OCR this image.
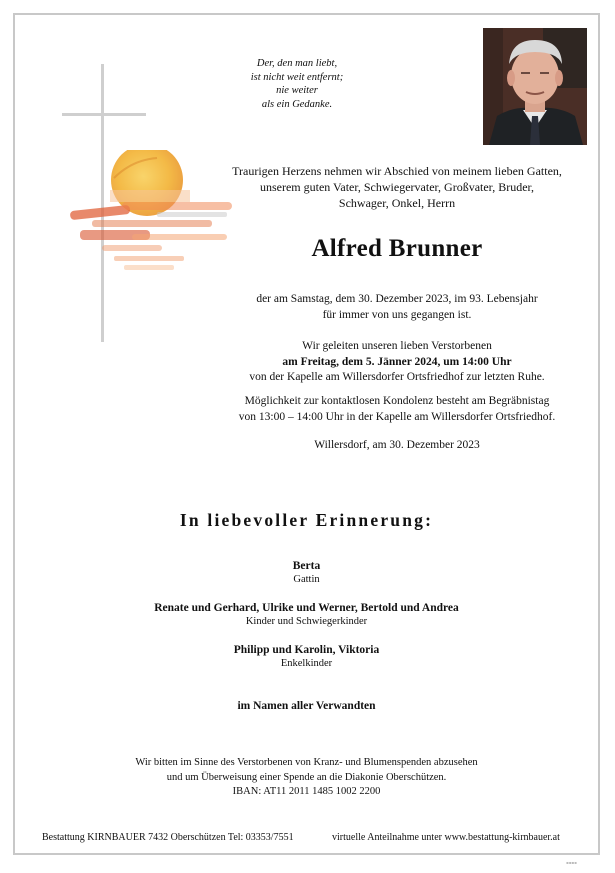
Der, den man liebt,
ist nicht weit entfernt;
nie weiter
als ein Gedanke.
Traurigen Herzens nehmen wir Abschied von meinem lieben Gatten,
unserem guten Vater, Schwiegervater, Großvater, Bruder,
Schwager, Onkel, Herrn
Alfred Brunner
der am Samstag, dem 30. Dezember 2023, im 93. Lebensjahr
für immer von uns gegangen ist.
Wir geleiten unseren lieben Verstorbenen
am Freitag, dem 5. Jänner 2024, um 14:00 Uhr
von der Kapelle am Willersdorfer Ortsfriedhof zur letzten Ruhe.
Möglichkeit zur kontaktlosen Kondolenz besteht am Begräbnistag
von 13:00 – 14:00 Uhr in der Kapelle am Willersdorfer Ortsfriedhof.
Willersdorf, am 30. Dezember 2023
In liebevoller Erinnerung:
Berta
Gattin
Renate und Gerhard, Ulrike und Werner, Bertold und Andrea
Kinder und Schwiegerkinder
Philipp und Karolin, Viktoria
Enkelkinder
im Namen aller Verwandten
Wir bitten im Sinne des Verstorbenen von Kranz- und Blumenspenden abzusehen
und um Überweisung einer Spende an die Diakonie Oberschützen.
IBAN: AT11 2011 1485 1002 2200
Bestattung KIRNBAUER 7432 Oberschützen Tel: 03353/7551	virtuelle Anteilnahme unter www.bestattung-kirnbauer.at
▪▪▪▪
